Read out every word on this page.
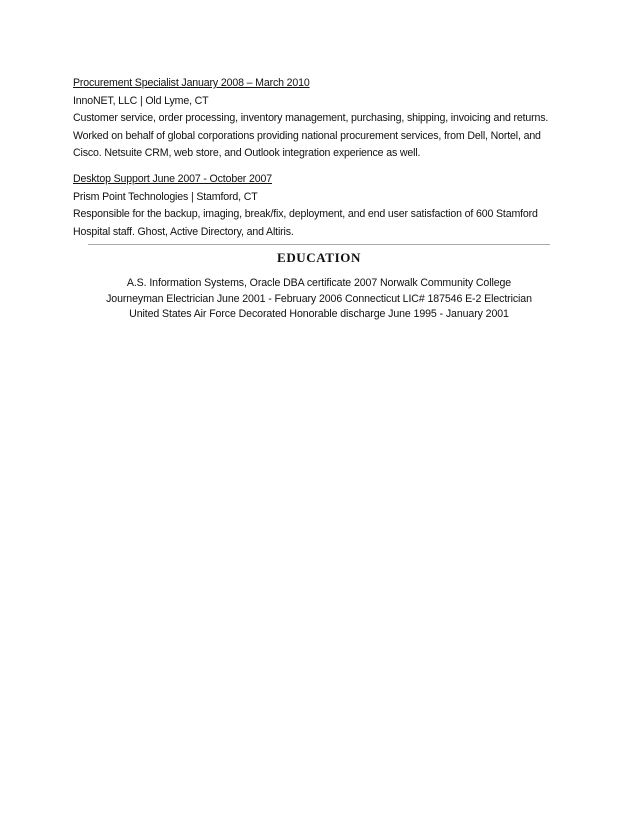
Procurement Specialist January 2008 – March 2010

InnoNET, LLC | Old Lyme, CT

Customer service, order processing, inventory management, purchasing, shipping, invoicing and returns.

Worked on behalf of global corporations providing national procurement services, from Dell, Nortel, and

Cisco. Netsuite CRM, web store, and Outlook integration experience as well.

Desktop Support June 2007 - October 2007

Prism Point Technologies | Stamford, CT

Responsible for the backup, imaging, break/fix, deployment, and end user satisfaction of 600 Stamford

Hospital staff. Ghost, Active Directory, and Altiris.

EDUCATION

A.S. Information Systems, Oracle DBA certificate 2007 Norwalk Community College

Journeyman Electrician June 2001 - February 2006 Connecticut LIC# 187546 E-2 Electrician

United States Air Force Decorated Honorable discharge June 1995 - January 2001
